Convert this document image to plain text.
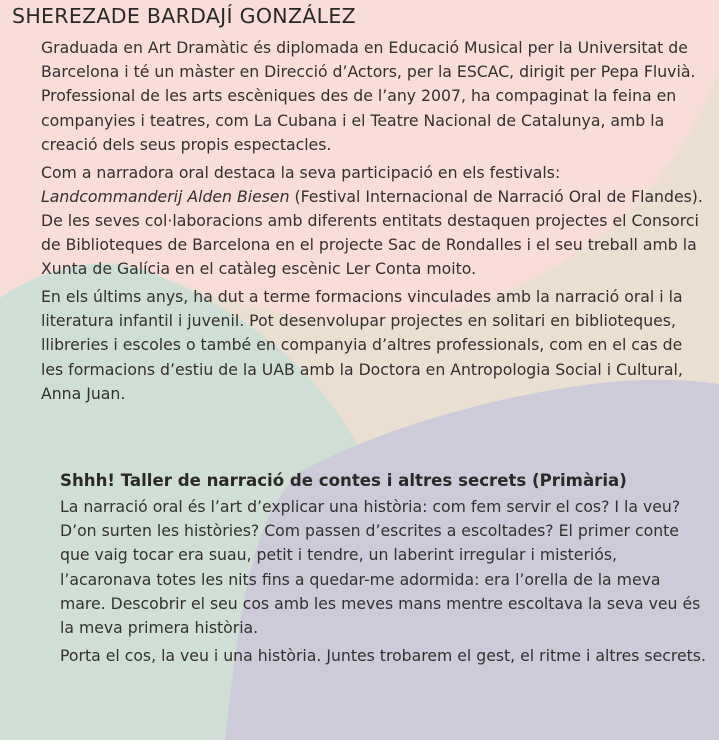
SHEREZADE BARDAJÍ GONZÁLEZ

Graduada en Art Dramàtic és diplomada en Educació Musical per la Universitat de Barcelona i té un màster en Direcció d’Actors, per la ESCAC, dirigit per Pepa Fluvià. Professional de les arts escèniques des de l’any 2007, ha compaginat la feina en companyies i teatres, com La Cubana i el Teatre Nacional de Catalunya, amb la creació dels seus propis espectacles.

Com a narradora oral destaca la seva participació en els festivals: Landcommanderij Alden Biesen (Festival Internacional de Narració Oral de Flandes). De les seves col·laboracions amb diferents entitats destaquen projectes el Consorci de Biblioteques de Barcelona en el projecte Sac de Rondalles i el seu treball amb la Xunta de Galícia en el catàleg escènic Ler Conta moito.

En els últims anys, ha dut a terme formacions vinculades amb la narració oral i la literatura infantil i juvenil. Pot desenvolupar projectes en solitari en biblioteques, llibreries i escoles o també en companyia d’altres professionals, com en el cas de les formacions d’estiu de la UAB amb la Doctora en Antropologia Social i Cultural, Anna Juan.

Shhh! Taller de narració de contes i altres secrets (Primària)

La narració oral és l’art d’explicar una història: com fem servir el cos? I la veu? D’on surten les històries? Com passen d’escrites a escoltades? El primer conte que vaig tocar era suau, petit i tendre, un laberint irregular i misteriós, l’acaronava totes les nits fins a quedar-me adormida: era l’orella de la meva mare. Descobrir el seu cos amb les meves mans mentre escoltava la seva veu és la meva primera història.

Porta el cos, la veu i una història. Juntes trobarem el gest, el ritme i altres secrets.
